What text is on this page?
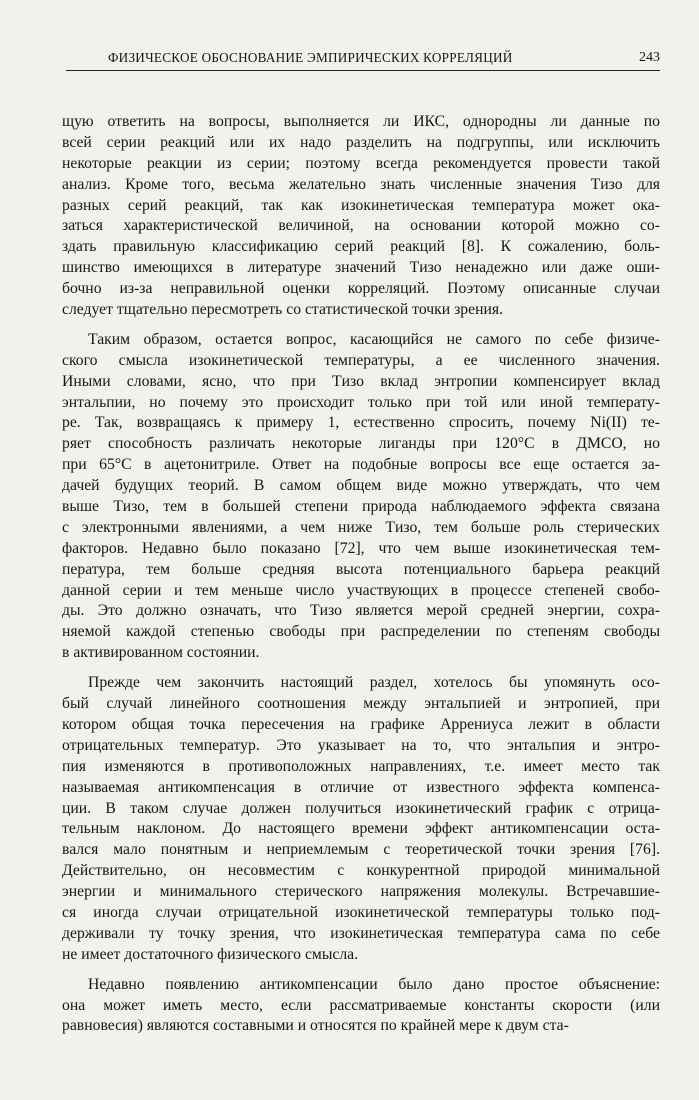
ФИЗИЧЕСКОЕ ОБОСНОВАНИЕ ЭМПИРИЧЕСКИХ КОРРЕЛЯЦИЙ	243
щую ответить на вопросы, выполняется ли ИКС, однородны ли данные по
всей серии реакций или их надо разделить на подгруппы, или исключить
некоторые реакции из серии; поэтому всегда рекомендуется провести такой
анализ. Кроме того, весьма желательно знать численные значения Tизо для
разных серий реакций, так как изокинетическая температура может ока-
заться характеристической величиной, на основании которой можно со-
здать правильную классификацию серий реакций [8]. К сожалению, боль-
шинство имеющихся в литературе значений Tизо ненадежно или даже оши-
бочно из-за неправильной оценки корреляций. Поэтому описанные случаи
следует тщательно пересмотреть со статистической точки зрения.
Таким образом, остается вопрос, касающийся не самого по себе физиче-
ского смысла изокинетической температуры, а ее численного значения.
Иными словами, ясно, что при Tизо вклад энтропии компенсирует вклад
энтальпии, но почему это происходит только при той или иной температу-
ре. Так, возвращаясь к примеру 1, естественно спросить, почему Ni(II) те-
ряет способность различать некоторые лиганды при 120°C в ДМСО, но
при 65°C в ацетонитриле. Ответ на подобные вопросы все еще остается за-
дачей будущих теорий. В самом общем виде можно утверждать, что чем
выше Tизо, тем в большей степени природа наблюдаемого эффекта связана
с электронными явлениями, а чем ниже Tизо, тем больше роль стерических
факторов. Недавно было показано [72], что чем выше изокинетическая тем-
пература, тем больше средняя высота потенциального барьера реакций
данной серии и тем меньше число участвующих в процессе степеней свобо-
ды. Это должно означать, что Tизо является мерой средней энергии, сохра-
няемой каждой степенью свободы при распределении по степеням свободы
в активированном состоянии.
Прежде чем закончить настоящий раздел, хотелось бы упомянуть осо-
бый случай линейного соотношения между энтальпией и энтропией, при
котором общая точка пересечения на графике Аррениуса лежит в области
отрицательных температур. Это указывает на то, что энтальпия и энтро-
пия изменяются в противоположных направлениях, т.е. имеет место так
называемая антикомпенсация в отличие от известного эффекта компенса-
ции. В таком случае должен получиться изокинетический график с отрица-
тельным наклоном. До настоящего времени эффект антикомпенсации оста-
вался мало понятным и неприемлемым с теоретической точки зрения [76].
Действительно, он несовместим с конкурентной природой минимальной
энергии и минимального стерического напряжения молекулы. Встречавшие-
ся иногда случаи отрицательной изокинетической температуры только под-
держивали ту точку зрения, что изокинетическая температура сама по себе
не имеет достаточного физического смысла.
Недавно появлению антикомпенсации было дано простое объяснение:
она может иметь место, если рассматриваемые константы скорости (или
равновесия) являются составными и относятся по крайней мере к двум ста-
